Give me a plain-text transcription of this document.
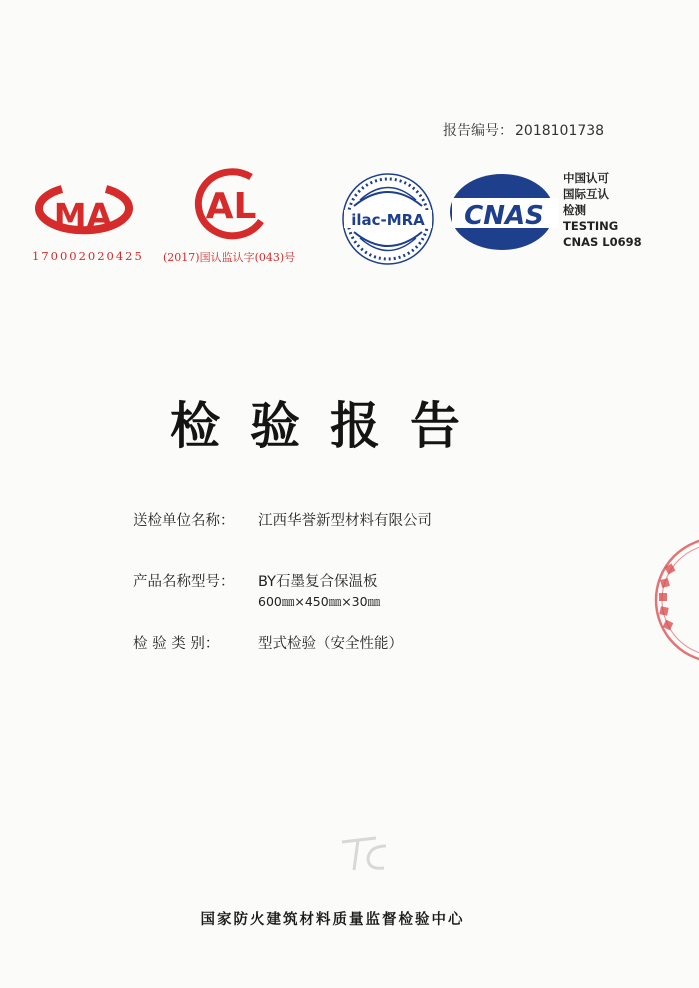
报告编号： 2018101738
MA
170002020425
AL
(2017)国认监认字(043)号
ilac-MRA CNAS
中国认可
国际互认
检测
TESTING
CNAS L0698
检验报告
送检单位名称： 江西华誉新型材料有限公司
产品名称型号： BY石墨复合保温板
600㎜×450㎜×30㎜
检 验 类 别：	型式检验（安全性能）
国家防火建筑材料质量监督检验中心
